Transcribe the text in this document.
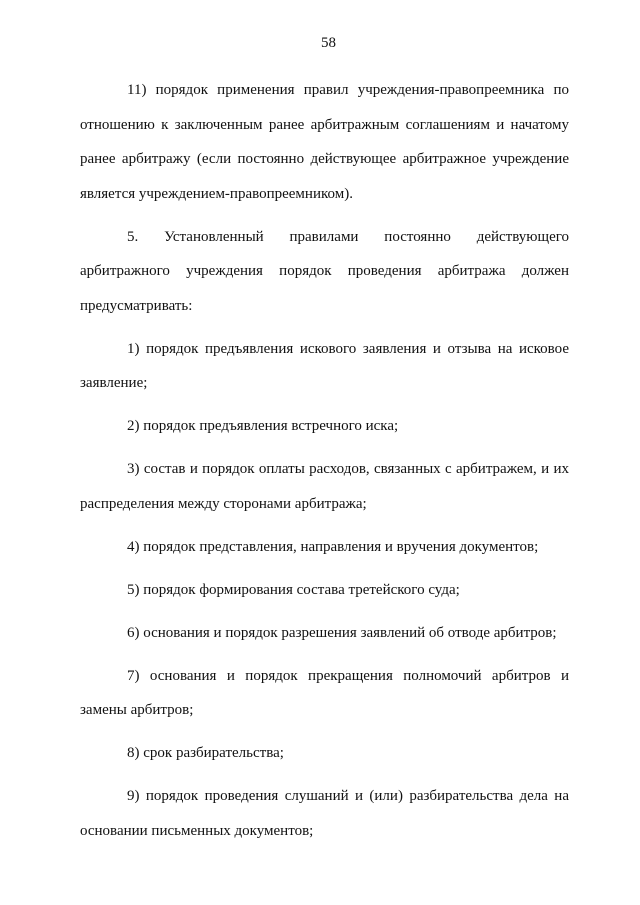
58

11) порядок применения правил учреждения-правопреемника по отношению к заключенным ранее арбитражным соглашениям и начатому ранее арбитражу (если постоянно действующее арбитражное учреждение является учреждением-правопреемником).

5. Установленный правилами постоянно действующего арбитражного учреждения порядок проведения арбитража должен предусматривать:

1) порядок предъявления искового заявления и отзыва на исковое заявление;

2) порядок предъявления встречного иска;

3) состав и порядок оплаты расходов, связанных с арбитражем, и их распределения между сторонами арбитража;

4) порядок представления, направления и вручения документов;

5) порядок формирования состава третейского суда;

6) основания и порядок разрешения заявлений об отводе арбитров;

7) основания и порядок прекращения полномочий арбитров и замены арбитров;

8) срок разбирательства;

9) порядок проведения слушаний и (или) разбирательства дела на основании письменных документов;
